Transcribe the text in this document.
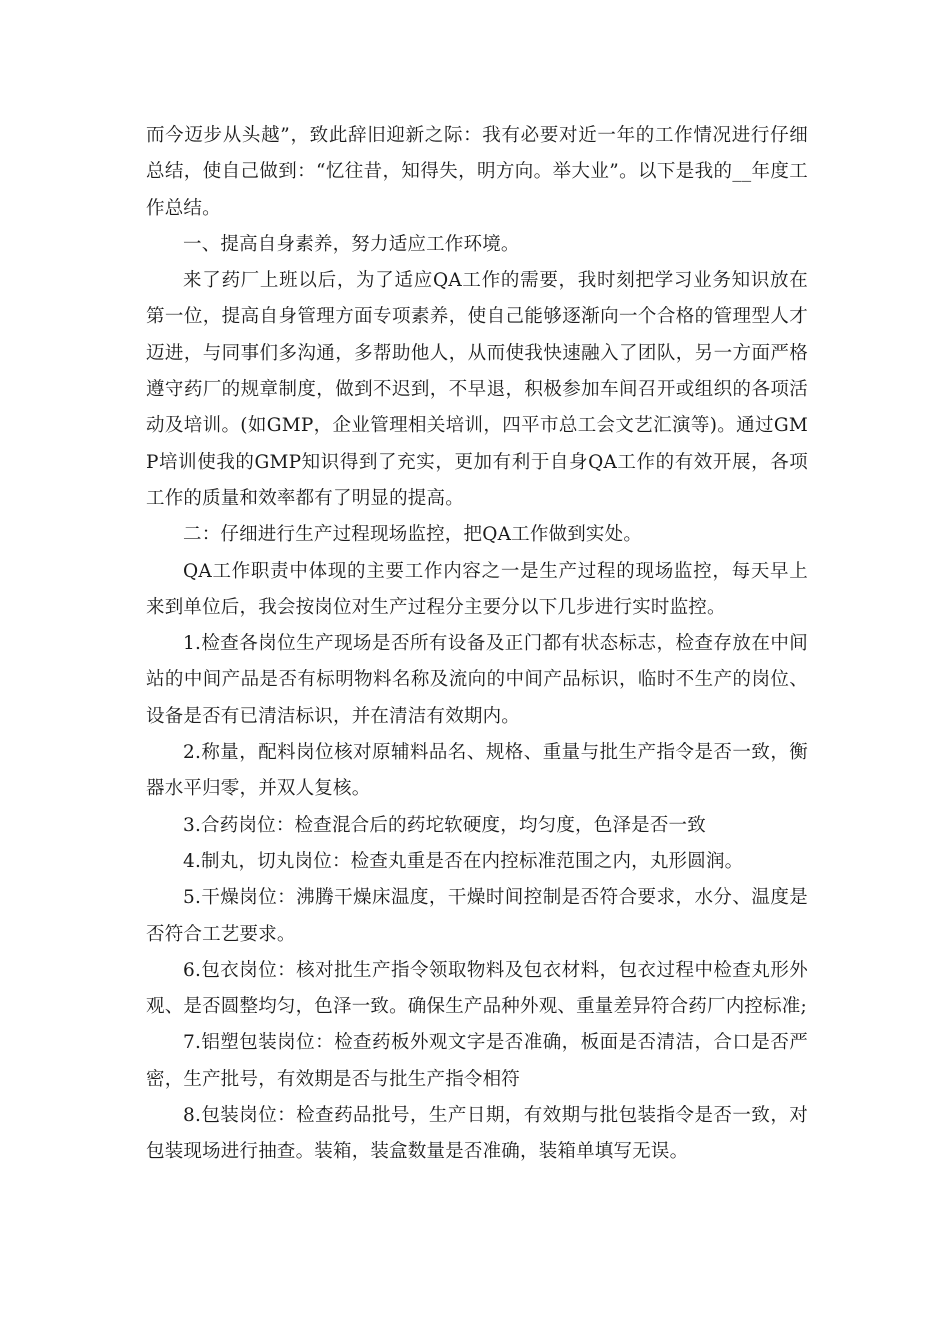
而今迈步从头越”，致此辞旧迎新之际：我有必要对近一年的工作情况进行仔细总结，使自己做到：“忆往昔，知得失，明方向。举大业”。以下是我的__年度工作总结。

一、提高自身素养，努力适应工作环境。

来了药厂上班以后，为了适应QA工作的需要，我时刻把学习业务知识放在第一位，提高自身管理方面专项素养，使自己能够逐渐向一个合格的管理型人才迈进，与同事们多沟通，多帮助他人，从而使我快速融入了团队，另一方面严格遵守药厂的规章制度，做到不迟到，不早退，积极参加车间召开或组织的各项活动及培训。(如GMP，企业管理相关培训，四平市总工会文艺汇演等)。通过GMP培训使我的GMP知识得到了充实，更加有利于自身QA工作的有效开展，各项工作的质量和效率都有了明显的提高。

二：仔细进行生产过程现场监控，把QA工作做到实处。

QA工作职责中体现的主要工作内容之一是生产过程的现场监控，每天早上来到单位后，我会按岗位对生产过程分主要分以下几步进行实时监控。

1.检查各岗位生产现场是否所有设备及正门都有状态标志，检查存放在中间站的中间产品是否有标明物料名称及流向的中间产品标识，临时不生产的岗位、设备是否有已清洁标识，并在清洁有效期内。

2.称量，配料岗位核对原辅料品名、规格、重量与批生产指令是否一致，衡器水平归零，并双人复核。

3.合药岗位：检查混合后的药坨软硬度，均匀度，色泽是否一致

4.制丸，切丸岗位：检查丸重是否在内控标准范围之内，丸形圆润。

5.干燥岗位：沸腾干燥床温度，干燥时间控制是否符合要求，水分、温度是否符合工艺要求。

6.包衣岗位：核对批生产指令领取物料及包衣材料，包衣过程中检查丸形外观、是否圆整均匀，色泽一致。确保生产品种外观、重量差异符合药厂内控标准;

7.铝塑包装岗位：检查药板外观文字是否准确，板面是否清洁，合口是否严密，生产批号，有效期是否与批生产指令相符

8.包装岗位：检查药品批号，生产日期，有效期与批包装指令是否一致，对包装现场进行抽查。装箱，装盒数量是否准确，装箱单填写无误。
